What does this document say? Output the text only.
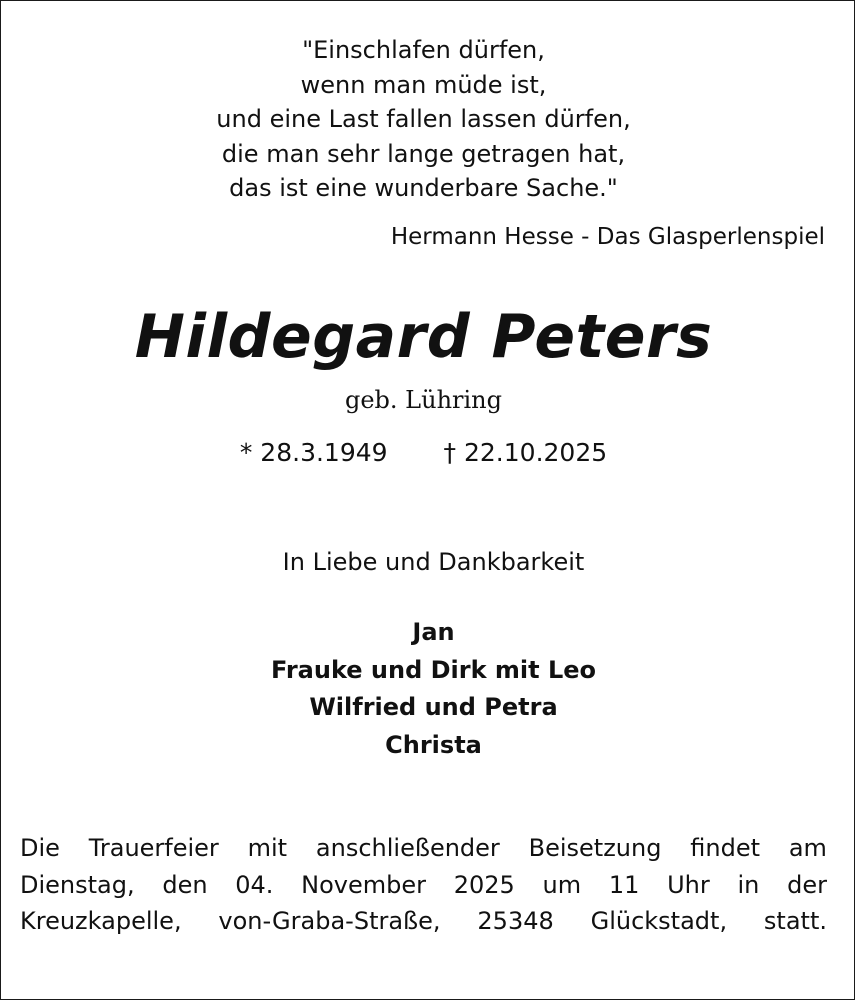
"Einschlafen dürfen,
wenn man müde ist,
und eine Last fallen lassen dürfen,
die man sehr lange getragen hat,
das ist eine wunderbare Sache."
Hermann Hesse - Das Glasperlenspiel
Hildegard Peters
geb. Lühring
* 28.3.1949 † 22.10.2025
In Liebe und Dankbarkeit
Jan
Frauke und Dirk mit Leo
Wilfried und Petra
Christa
Die Trauerfeier mit anschließender Beisetzung findet am
Dienstag, den 04. November 2025 um 11 Uhr in der
Kreuzkapelle, von-Graba-Straße, 25348 Glückstadt, statt.
